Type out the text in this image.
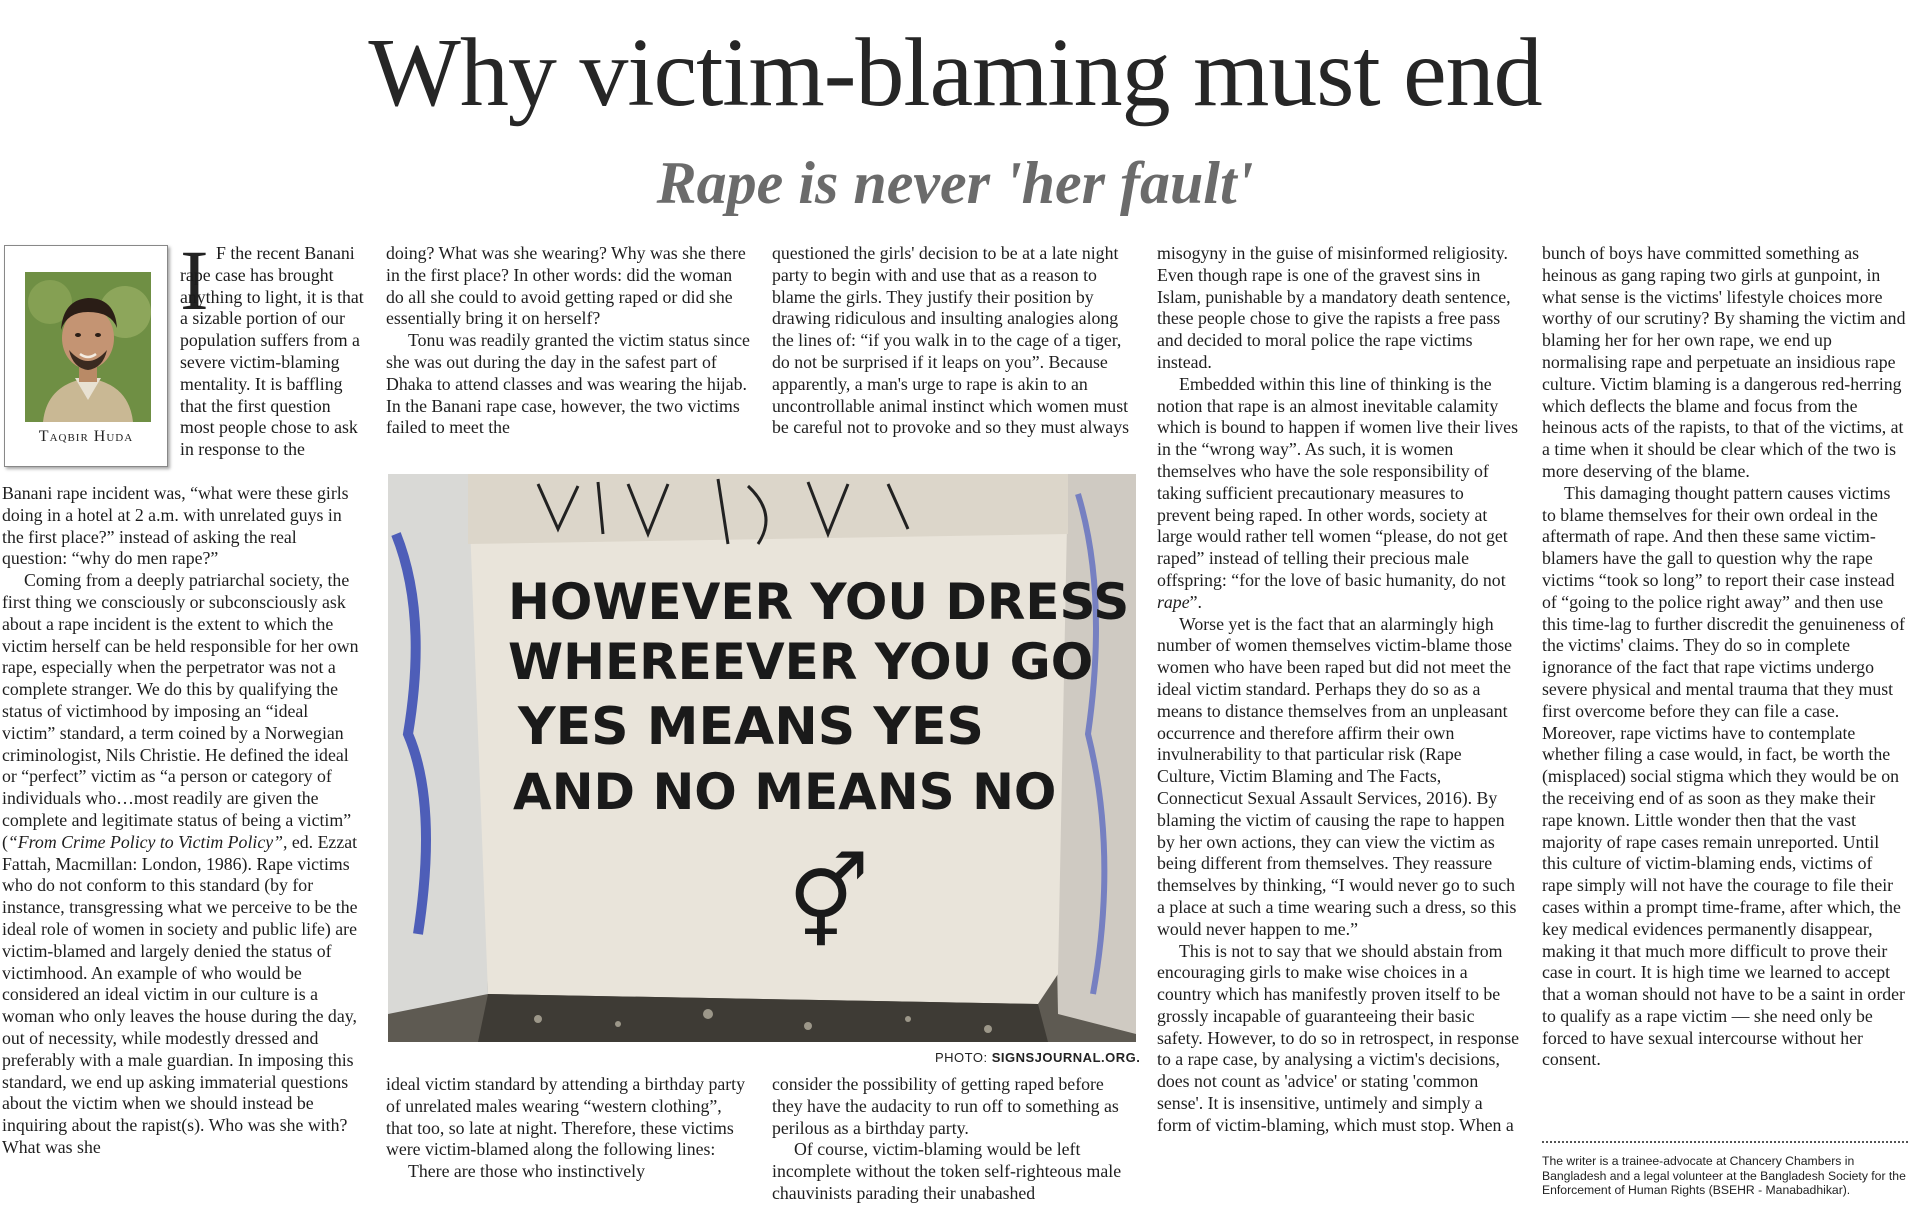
Why victim-blaming must end
Rape is never 'her fault'
Taqbir Huda
I F the recent Banani rape case has brought anything to light, it is that a sizable portion of our population suffers from a severe victim-blaming mentality. It is baffling that the first question most people chose to ask in response to the

Banani rape incident was, “what were these girls doing in a hotel at 2 a.m. with unrelated guys in the first place?” instead of asking the real question: “why do men rape?”

Coming from a deeply patriarchal society, the first thing we consciously or subconsciously ask about a rape incident is the extent to which the victim herself can be held responsible for her own rape, especially when the perpetrator was not a complete stranger. We do this by qualifying the status of victimhood by imposing an “ideal victim” standard, a term coined by a Norwegian criminologist, Nils Christie. He defined the ideal or “perfect” victim as “a person or category of individuals who…most readily are given the complete and legitimate status of being a victim” (“From Crime Policy to Victim Policy”, ed. Ezzat Fattah, Macmillan: London, 1986). Rape victims who do not conform to this standard (by for instance, transgressing what we perceive to be the ideal role of women in society and public life) are victim-blamed and largely denied the status of victimhood. An example of who would be considered an ideal victim in our culture is a woman who only leaves the house during the day, out of necessity, while modestly dressed and preferably with a male guardian. In imposing this standard, we end up asking immaterial questions about the victim when we should instead be inquiring about the rapist(s). Who was she with? What was she

doing? What was she wearing? Why was she there in the first place? In other words: did the woman do all she could to avoid getting raped or did she essentially bring it on herself?

Tonu was readily granted the victim status since she was out during the day in the safest part of Dhaka to attend classes and was wearing the hijab. In the Banani rape case, however, the two victims failed to meet the

questioned the girls' decision to be at a late night party to begin with and use that as a reason to blame the girls. They justify their position by drawing ridiculous and insulting analogies along the lines of: “if you walk in to the cage of a tiger, do not be surprised if it leaps on you”. Because apparently, a man's urge to rape is akin to an uncontrollable animal instinct which women must be careful not to provoke and so they must always

HOWEVER YOU DRESS
WHEREEVER YOU GO
YES MEANS YES
AND NO MEANS NO
⚥
PHOTO: SIGNSJOURNAL.ORG.

ideal victim standard by attending a birthday party of unrelated males wearing “western clothing”, that too, so late at night. Therefore, these victims were victim-blamed along the following lines:

There are those who instinctively

consider the possibility of getting raped before they have the audacity to run off to something as perilous as a birthday party.

Of course, victim-blaming would be left incomplete without the token self-righteous male chauvinists parading their unabashed

misogyny in the guise of misinformed religiosity. Even though rape is one of the gravest sins in Islam, punishable by a mandatory death sentence, these people chose to give the rapists a free pass and decided to moral police the rape victims instead.

Embedded within this line of thinking is the notion that rape is an almost inevitable calamity which is bound to happen if women live their lives in the “wrong way”. As such, it is women themselves who have the sole responsibility of taking sufficient precautionary measures to prevent being raped. In other words, society at large would rather tell women “please, do not get raped” instead of telling their precious male offspring: “for the love of basic humanity, do not rape”.

Worse yet is the fact that an alarmingly high number of women themselves victim-blame those women who have been raped but did not meet the ideal victim standard. Perhaps they do so as a means to distance themselves from an unpleasant occurrence and therefore affirm their own invulnerability to that particular risk (Rape Culture, Victim Blaming and The Facts, Connecticut Sexual Assault Services, 2016). By blaming the victim of causing the rape to happen by her own actions, they can view the victim as being different from themselves. They reassure themselves by thinking, “I would never go to such a place at such a time wearing such a dress, so this would never happen to me.”

This is not to say that we should abstain from encouraging girls to make wise choices in a country which has manifestly proven itself to be grossly incapable of guaranteeing their basic safety. However, to do so in retrospect, in response to a rape case, by analysing a victim's decisions, does not count as 'advice' or stating 'common sense'. It is insensitive, untimely and simply a form of victim-blaming, which must stop. When a

bunch of boys have committed something as heinous as gang raping two girls at gunpoint, in what sense is the victims' lifestyle choices more worthy of our scrutiny? By shaming the victim and blaming her for her own rape, we end up normalising rape and perpetuate an insidious rape culture. Victim blaming is a dangerous red-herring which deflects the blame and focus from the heinous acts of the rapists, to that of the victims, at a time when it should be clear which of the two is more deserving of the blame.

This damaging thought pattern causes victims to blame themselves for their own ordeal in the aftermath of rape. And then these same victim-blamers have the gall to question why the rape victims “took so long” to report their case instead of “going to the police right away” and then use this time-lag to further discredit the genuineness of the victims' claims. They do so in complete ignorance of the fact that rape victims undergo severe physical and mental trauma that they must first overcome before they can file a case. Moreover, rape victims have to contemplate whether filing a case would, in fact, be worth the (misplaced) social stigma which they would be on the receiving end of as soon as they make their rape known. Little wonder then that the vast majority of rape cases remain unreported. Until this culture of victim-blaming ends, victims of rape simply will not have the courage to file their cases within a prompt time-frame, after which, the key medical evidences permanently disappear, making it that much more difficult to prove their case in court. It is high time we learned to accept that a woman should not have to be a saint in order to qualify as a rape victim — she need only be forced to have sexual intercourse without her consent.

The writer is a trainee-advocate at Chancery Chambers in Bangladesh and a legal volunteer at the Bangladesh Society for the Enforcement of Human Rights (BSEHR - Manabadhikar).
